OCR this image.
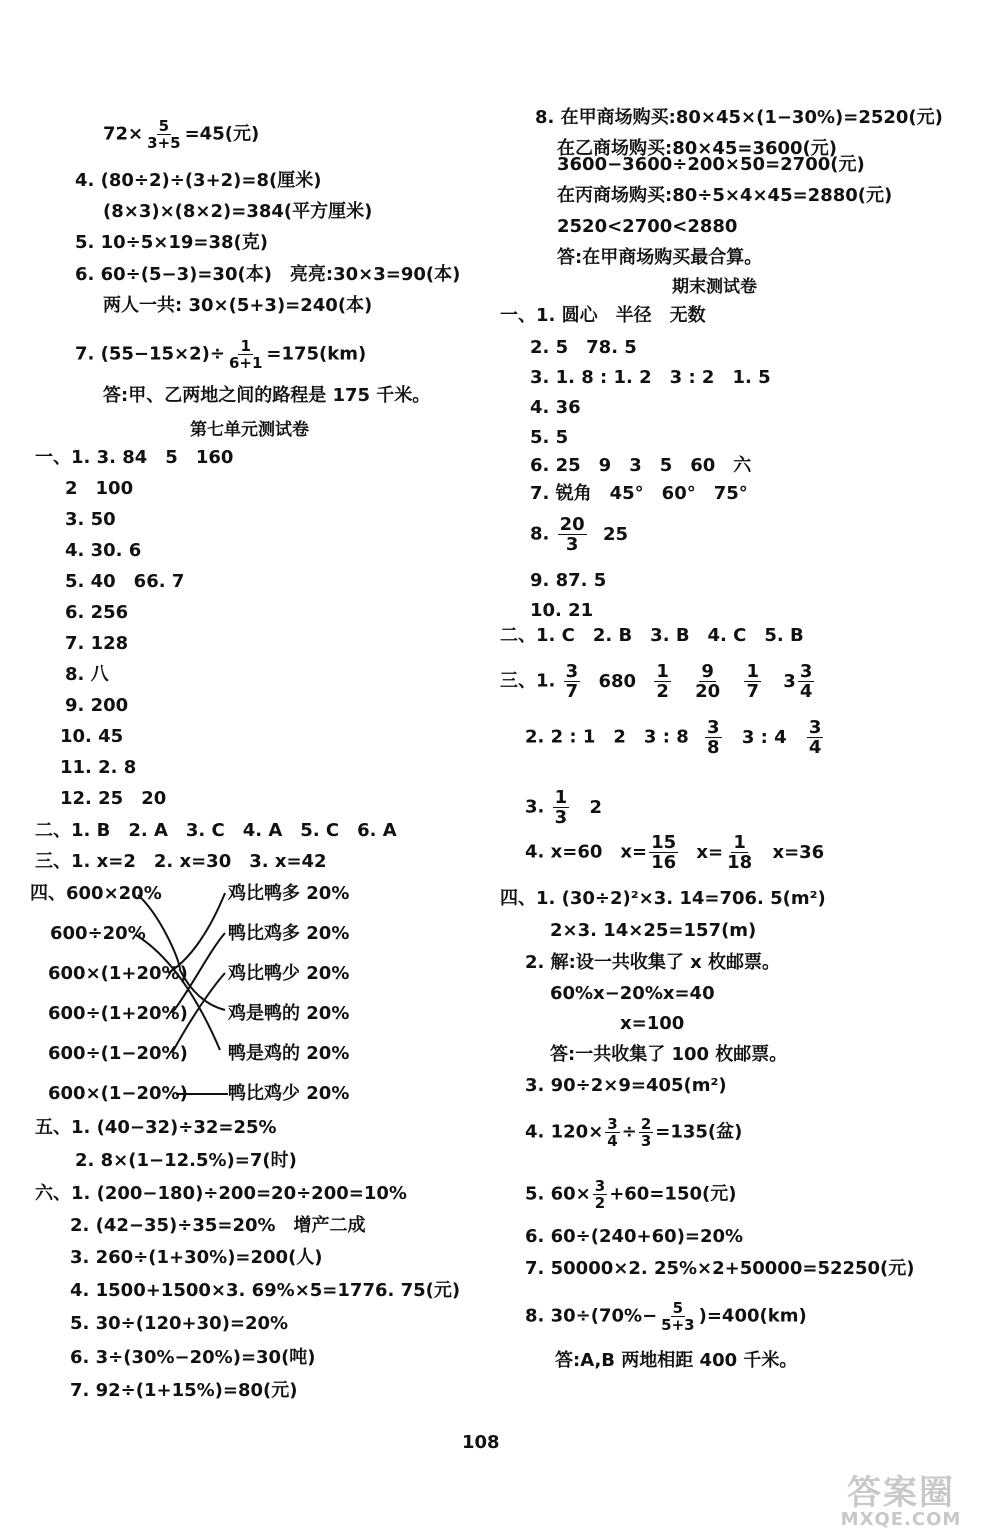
$72\times \frac{5}{3+5} =45$(元)
4. (80÷2)÷(3+2)=8(厘米)
(8×3)×(8×2)=384(平方厘米)
5. 10÷5×19=38(克)
6. 60÷(5−3)=30(本)　亮亮:30×3=90(本)
两人一共: 30×(5+3)=240(本)
7. $(55-15\times 2)\div \frac{1}{6+1} =175(km)$
答:甲、乙两地之间的路程是 175 千米。
第七单元测试卷
一、1. 3. 84　5　160
2　100
3. 50
4. 30. 6
5. 40　66. 7
6. 256
7. 128
8. 八
9. 200
10. 45
11. 2. 8
12. 25　20
二、1. B　2. A　3. C　4. A　5. C　6. A
三、1. x=2　2. x=30　3. x=42
四、600×20%
600÷20%
600×(1+20%)
600÷(1+20%)
600÷(1−20%)
600×(1−20%)
鸡比鸭多 20%
鸭比鸡多 20%
鸡比鸭少 20%
鸡是鸭的 20%
鸭是鸡的 20%
鸭比鸡少 20%
五、1. (40−32)÷32=25%
2. 8×(1−12.5%)=7(时)
六、1. (200−180)÷200=20÷200=10%
2. (42−35)÷35=20%　增产二成
3. 260÷(1+30%)=200(人)
4. 1500+1500×3. 69%×5=1776. 75(元)
5. 30÷(120+30)=20%
6. 3÷(30%−20%)=30(吨)
7. 92÷(1+15%)=80(元)
8. 在甲商场购买:80×45×(1−30%)=2520(元)
在乙商场购买:80×45=3600(元)
3600−3600÷200×50=2700(元)
在丙商场购买:80÷5×4×45=2880(元)
2520<2700<2880
答:在甲商场购买最合算。
期末测试卷
一、1. 圆心　半径　无数
2. 5　78. 5
3. 1. 8 : 1. 2　3 : 2　1. 5
4. 36
5. 5
6. 25　9　3　5　60　六
7. 锐角　45°　60°　75°
8. $\frac{20}{3} 25$
9. 87. 5
10. 21
二、1. C　2. B　3. B　4. C　5. B
三、1. $\frac{3}{7} 680 \frac{1}{2}$
$\frac{9}{20}$
$\frac{1}{7} 3 \frac{3}{4}$
2. 2 : 1　2　3 : $8 \frac{3}{8} 3$ : $4 \frac{3}{4}$
3. $\frac{1}{3} 2$
4. x=60　$x= \frac{15}{16} x= \frac{1}{18} x=36$
四、1. (30÷2)²×3. 14=706. 5(m²)
2×3. 14×25=157(m)
2. 解:设一共收集了 x 枚邮票。
60%x−20%x=40
x=100
答:一共收集了 100 枚邮票。
3. 90÷2×9=405(m²)
4. $120\times \frac{3}{4} \div \frac{2}{3} =135$(盆)
5. $60\times \frac{3}{2} +60=150$(元)
6. 60÷(240+60)=20%
7. 50000×2. 25%×2+50000=52250(元)
8. $30\div(70\%- \frac{5}{5+3} )=400(km)$
答:A,B 两地相距 400 千米。
108
答案圈
MXQE.COM
